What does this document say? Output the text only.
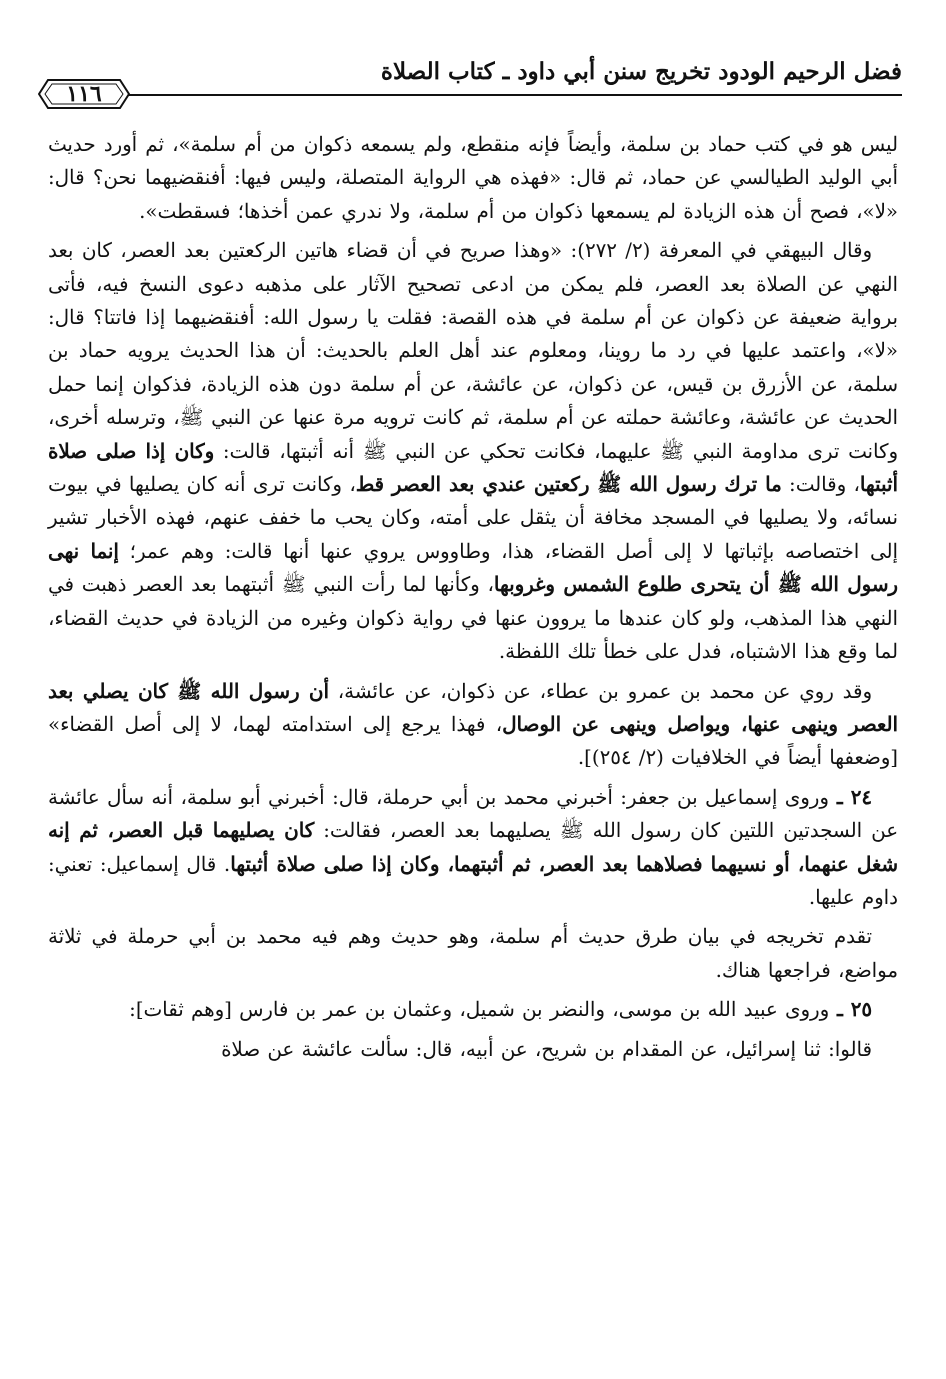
١١٦
فضل الرحيم الودود تخريج سنن أبي داود ـ كتاب الصلاة

ليس هو في كتب حماد بن سلمة، وأيضاً فإنه منقطع، ولم يسمعه ذكوان من أم سلمة»، ثم أورد حديث أبي الوليد الطيالسي عن حماد، ثم قال: «فهذه هي الرواية المتصلة، وليس فيها: أفنقضيهما نحن؟ قال: «لا»، فصح أن هذه الزيادة لم يسمعها ذكوان من أم سلمة، ولا ندري عمن أخذها؛ فسقطت».

وقال البيهقي في المعرفة (٢/ ٢٧٢): «وهذا صريح في أن قضاء هاتين الركعتين بعد العصر، كان بعد النهي عن الصلاة بعد العصر، فلم يمكن من ادعى تصحيح الآثار على مذهبه دعوى النسخ فيه، فأتى برواية ضعيفة عن ذكوان عن أم سلمة في هذه القصة: فقلت يا رسول الله: أفنقضيهما إذا فاتتا؟ قال: «لا»، واعتمد عليها في رد ما روينا، ومعلوم عند أهل العلم بالحديث: أن هذا الحديث يرويه حماد بن سلمة، عن الأزرق بن قيس، عن ذكوان، عن عائشة، عن أم سلمة دون هذه الزيادة، فذكوان إنما حمل الحديث عن عائشة، وعائشة حملته عن أم سلمة، ثم كانت ترويه مرة عنها عن النبي ﷺ، وترسله أخرى، وكانت ترى مداومة النبي ﷺ عليهما، فكانت تحكي عن النبي ﷺ أنه أثبتها، قالت: وكان إذا صلى صلاة أثبتها، وقالت: ما ترك رسول الله ﷺ ركعتين عندي بعد العصر قط، وكانت ترى أنه كان يصليها في بيوت نسائه، ولا يصليها في المسجد مخافة أن يثقل على أمته، وكان يحب ما خفف عنهم، فهذه الأخبار تشير إلى اختصاصه بإثباتها لا إلى أصل القضاء، هذا، وطاووس يروي عنها أنها قالت: وهم عمر؛ إنما نهى رسول الله ﷺ أن يتحرى طلوع الشمس وغروبها، وكأنها لما رأت النبي ﷺ أثبتهما بعد العصر ذهبت في النهي هذا المذهب، ولو كان عندها ما يروون عنها في رواية ذكوان وغيره من الزيادة في حديث القضاء، لما وقع هذا الاشتباه، فدل على خطأ تلك اللفظة.

وقد روي عن محمد بن عمرو بن عطاء، عن ذكوان، عن عائشة، أن رسول الله ﷺ كان يصلي بعد العصر وينهى عنها، ويواصل وينهى عن الوصال، فهذا يرجع إلى استدامته لهما، لا إلى أصل القضاء» [وضعفها أيضاً في الخلافيات (٢/ ٢٥٤)].

٢٤ ـ وروى إسماعيل بن جعفر: أخبرني محمد بن أبي حرملة، قال: أخبرني أبو سلمة، أنه سأل عائشة عن السجدتين اللتين كان رسول الله ﷺ يصليهما بعد العصر، فقالت: كان يصليهما قبل العصر، ثم إنه شغل عنهما، أو نسيهما فصلاهما بعد العصر، ثم أثبتهما، وكان إذا صلى صلاة أثبتها. قال إسماعيل: تعني: داوم عليها.

تقدم تخريجه في بيان طرق حديث أم سلمة، وهو حديث وهم فيه محمد بن أبي حرملة في ثلاثة مواضع، فراجعها هناك.

٢٥ ـ وروى عبيد الله بن موسى، والنضر بن شميل، وعثمان بن عمر بن فارس [وهم ثقات]:

قالوا: ثنا إسرائيل، عن المقدام بن شريح، عن أبيه، قال: سألت عائشة عن صلاة
